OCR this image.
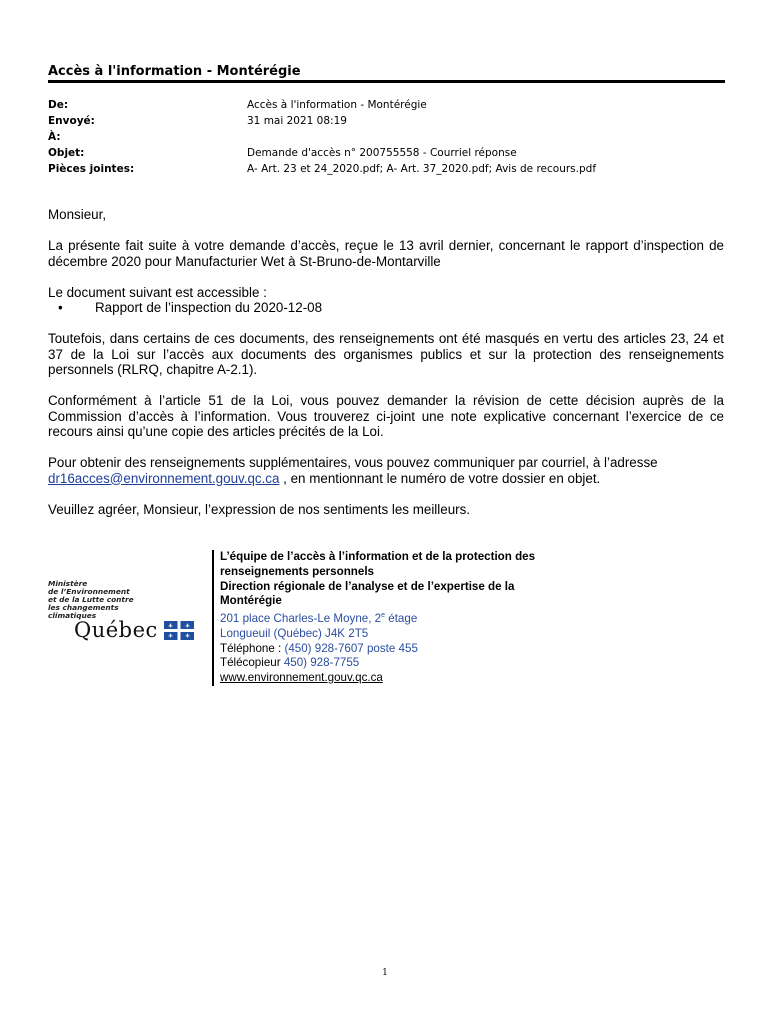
Accès à l'information - Montérégie
De:	Accès à l'information - Montérégie
Envoyé:	31 mai 2021 08:19
À:
Objet:	Demande d'accès n° 200755558 - Courriel réponse
Pièces jointes:	A- Art. 23 et 24_2020.pdf; A- Art. 37_2020.pdf; Avis de recours.pdf

Monsieur,

La présente fait suite à votre demande d’accès, reçue le 13 avril dernier, concernant le rapport d’inspection de décembre 2020 pour Manufacturier Wet à St-Bruno-de-Montarville

Le document suivant est accessible :

• Rapport de l’inspection du 2020-12-08

Toutefois, dans certains de ces documents, des renseignements ont été masqués en vertu des articles 23, 24 et 37 de la Loi sur l’accès aux documents des organismes publics et sur la protection des renseignements personnels (RLRQ, chapitre A-2.1).

Conformément à l’article 51 de la Loi, vous pouvez demander la révision de cette décision auprès de la Commission d’accès à l’information. Vous trouverez ci-joint une note explicative concernant l’exercice de ce recours ainsi qu’une copie des articles précités de la Loi.

Pour obtenir des renseignements supplémentaires, vous pouvez communiquer par courriel, à l’adresse
dr16acces@environnement.gouv.qc.ca , en mentionnant le numéro de votre dossier en objet.

Veuillez agréer, Monsieur, l’expression de nos sentiments les meilleurs.

Ministère
de l’Environnement
et de la Lutte contre
les changements
climatiques
Québec
L’équipe de l’accès à l’information et de la protection des
renseignements personnels
Direction régionale de l’analyse et de l’expertise de la
Montérégie
201 place Charles-Le Moyne, 2e étage
Longueuil (Québec) J4K 2T5
Téléphone : (450) 928-7607 poste 455
Télécopieur 450) 928-7755
www.environnement.gouv.qc.ca
1
